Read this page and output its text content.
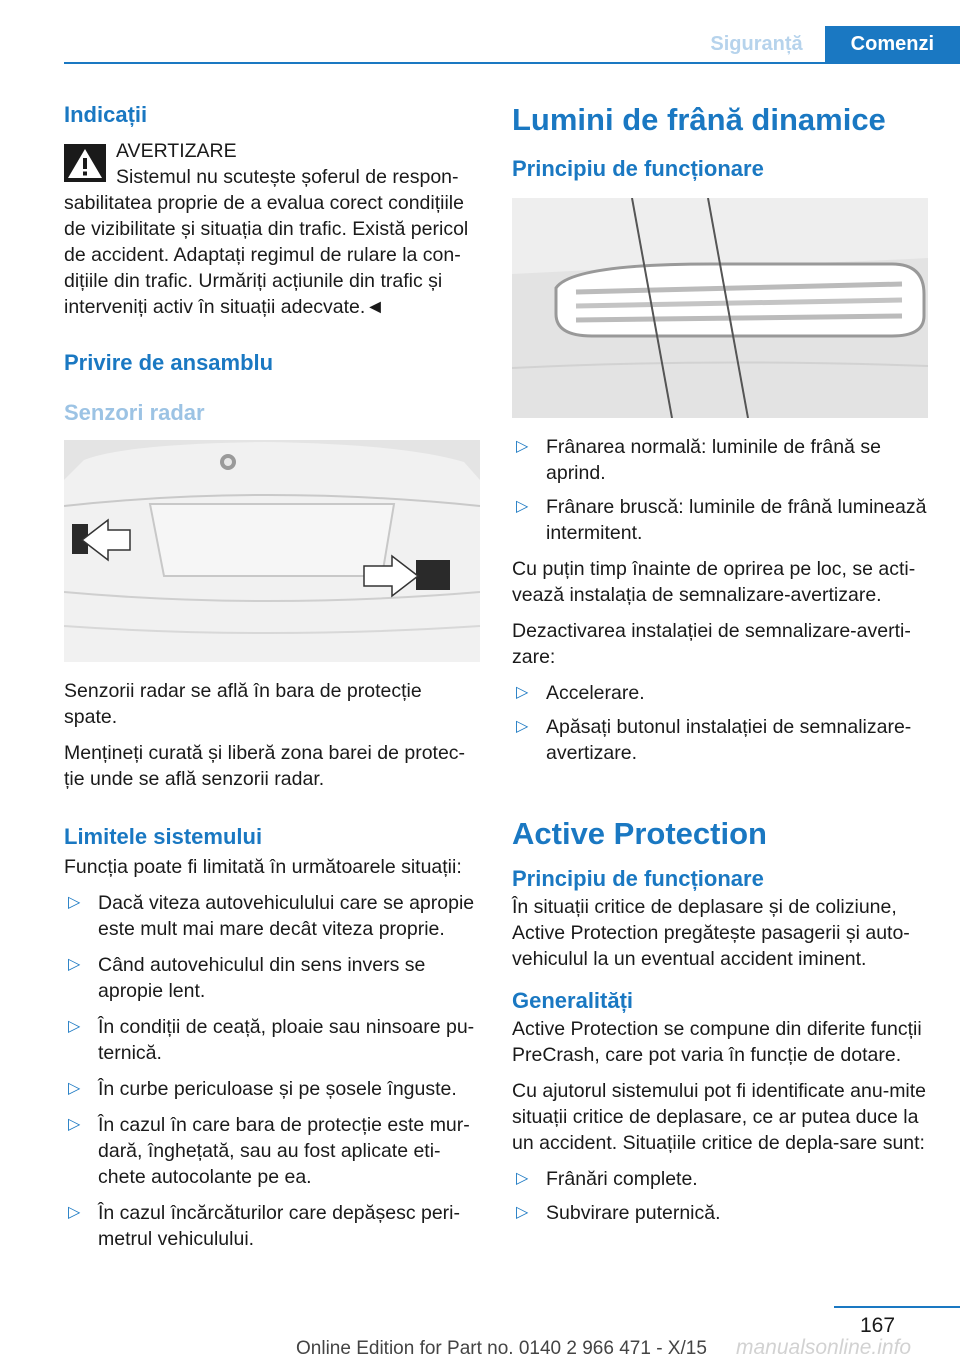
Siguranță	Comenzi
Indicații

AVERTIZARE

Sistemul nu scutește șoferul de respon-

sabilitatea proprie de a evalua corect condițiile de vizibilitate și situația din trafic. Există pericol de accident. Adaptați regimul de rulare la con-dițiile din trafic. Urmăriți acțiunile din trafic și interveniți activ în situații adecvate.◄

Privire de ansamblu
Senzori radar

Senzorii radar se află în bara de protecție spate.

Mențineți curată și liberă zona barei de protec-ție unde se află senzorii radar.

Limitele sistemului

Funcția poate fi limitată în următoarele situații:

▷ Dacă viteza autovehiculului care se apropie este mult mai mare decât viteza proprie.
▷ Când autovehiculul din sens invers se apropie lent.
▷ În condiții de ceață, ploaie sau ninsoare pu-ternică.
▷ În curbe periculoase și pe șosele înguste.
▷ În cazul în care bara de protecție este mur-dară, înghețată, sau au fost aplicate eti-chete autocolante pe ea.
▷ În cazul încărcăturilor care depășesc peri-metrul vehiculului.
Lumini de frână dinamice
Principiu de funcționare
▷ Frânarea normală: luminile de frână se aprind.
▷ Frânare bruscă: luminile de frână luminează intermitent.

Cu puțin timp înainte de oprirea pe loc, se acti-vează instalația de semnalizare-avertizare.

Dezactivarea instalației de semnalizare-averti-zare:

▷ Accelerare.
▷ Apăsați butonul instalației de semnalizare-avertizare.
Active Protection
Principiu de funcționare

În situații critice de deplasare și de coliziune, Active Protection pregătește pasagerii și auto-vehiculul la un eventual accident iminent.

Generalități

Active Protection se compune din diferite funcții PreCrash, care pot varia în funcție de dotare.

Cu ajutorul sistemului pot fi identificate anu-mite situații critice de deplasare, ce ar putea duce la un accident. Situațiile critice de depla-sare sunt:

▷ Frânări complete.
▷ Subvirare puternică.
167
Online Edition for Part no. 0140 2 966 471 - X/15 manualsonline.info
